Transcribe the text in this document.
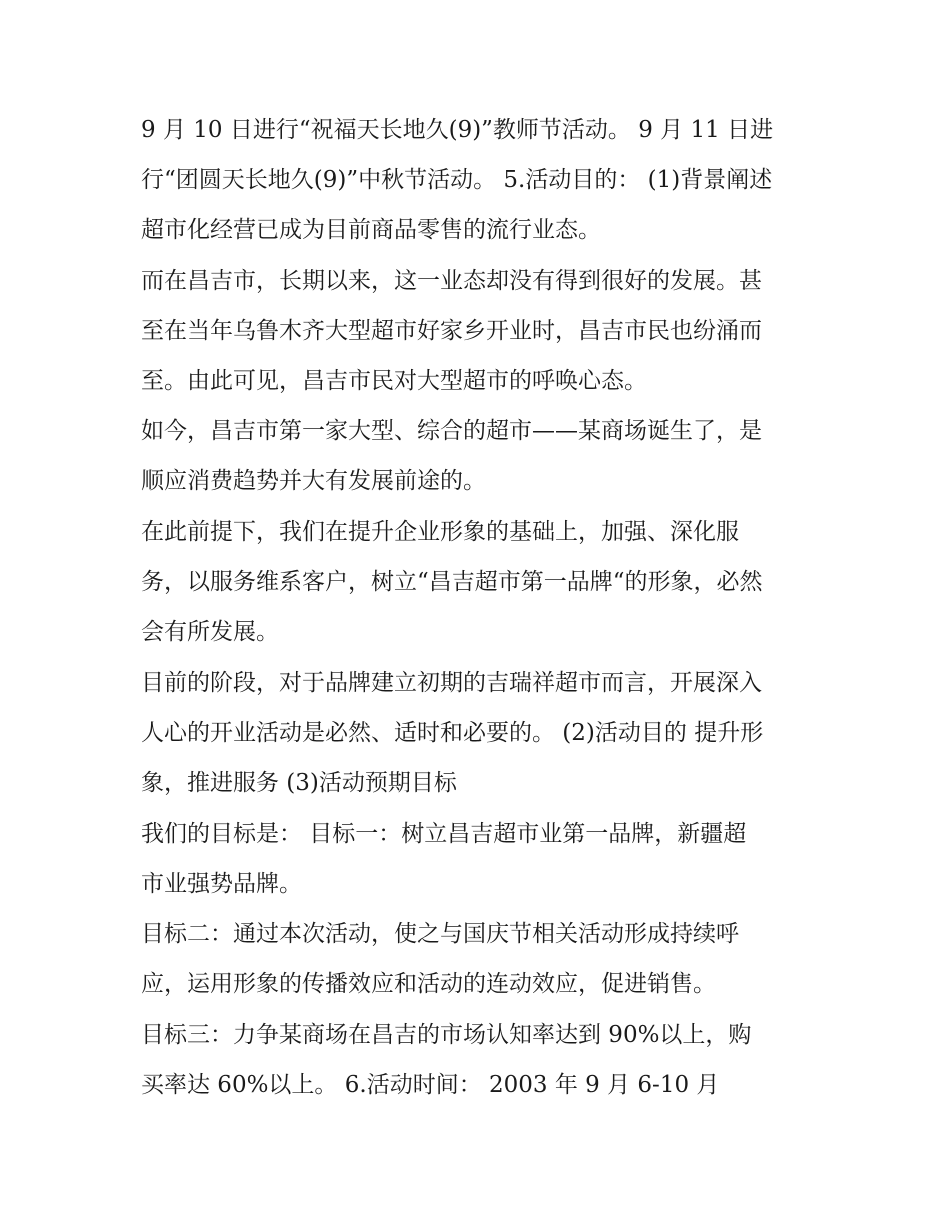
9 月 10 日进行“祝福天长地久(9)”教师节活动。 9 月 11 日进
行“团圆天长地久(9)”中秋节活动。 5.活动目的： (1)背景阐述
超市化经营已成为目前商品零售的流行业态。
而在昌吉市，长期以来，这一业态却没有得到很好的发展。甚
至在当年乌鲁木齐大型超市好家乡开业时，昌吉市民也纷涌而
至。由此可见，昌吉市民对大型超市的呼唤心态。
如今，昌吉市第一家大型、综合的超市——某商场诞生了，是
顺应消费趋势并大有发展前途的。
在此前提下，我们在提升企业形象的基础上，加强、深化服
务，以服务维系客户，树立“昌吉超市第一品牌“的形象，必然
会有所发展。
目前的阶段，对于品牌建立初期的吉瑞祥超市而言，开展深入
人心的开业活动是必然、适时和必要的。 (2)活动目的 提升形
象，推进服务 (3)活动预期目标
我们的目标是： 目标一：树立昌吉超市业第一品牌，新疆超
市业强势品牌。
目标二：通过本次活动，使之与国庆节相关活动形成持续呼
应，运用形象的传播效应和活动的连动效应，促进销售。
目标三：力争某商场在昌吉的市场认知率达到 90%以上，购
买率达 60%以上。 6.活动时间： 2003 年 9 月 6-10 月
